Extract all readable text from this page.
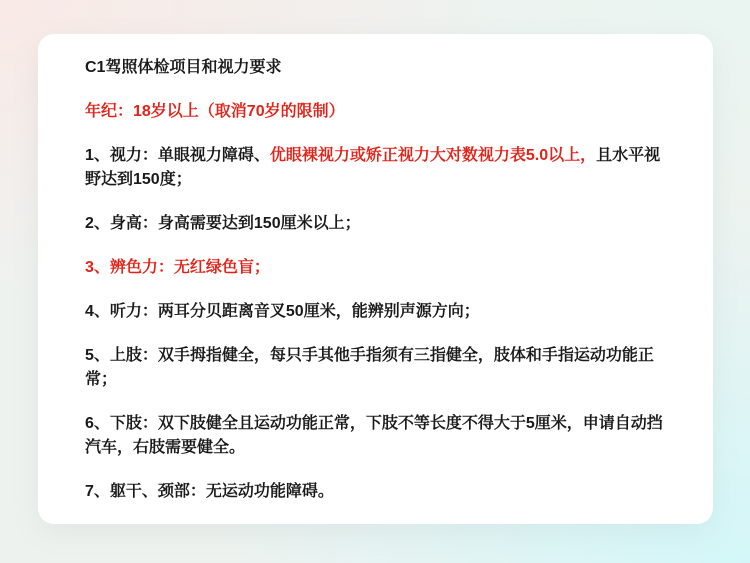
C1驾照体检项目和视力要求

年纪：18岁以上（取消70岁的限制）

1、视力：单眼视力障碍、优眼裸视力或矫正视力大对数视力表5.0以上，且水平视野达到150度；

2、身高：身高需要达到150厘米以上；

3、辨色力：无红绿色盲；

4、听力：两耳分贝距离音叉50厘米，能辨别声源方向；

5、上肢：双手拇指健全，每只手其他手指须有三指健全，肢体和手指运动功能正常；

6、下肢：双下肢健全且运动功能正常，下肢不等长度不得大于5厘米，申请自动挡汽车，右肢需要健全。

7、躯干、颈部：无运动功能障碍。
